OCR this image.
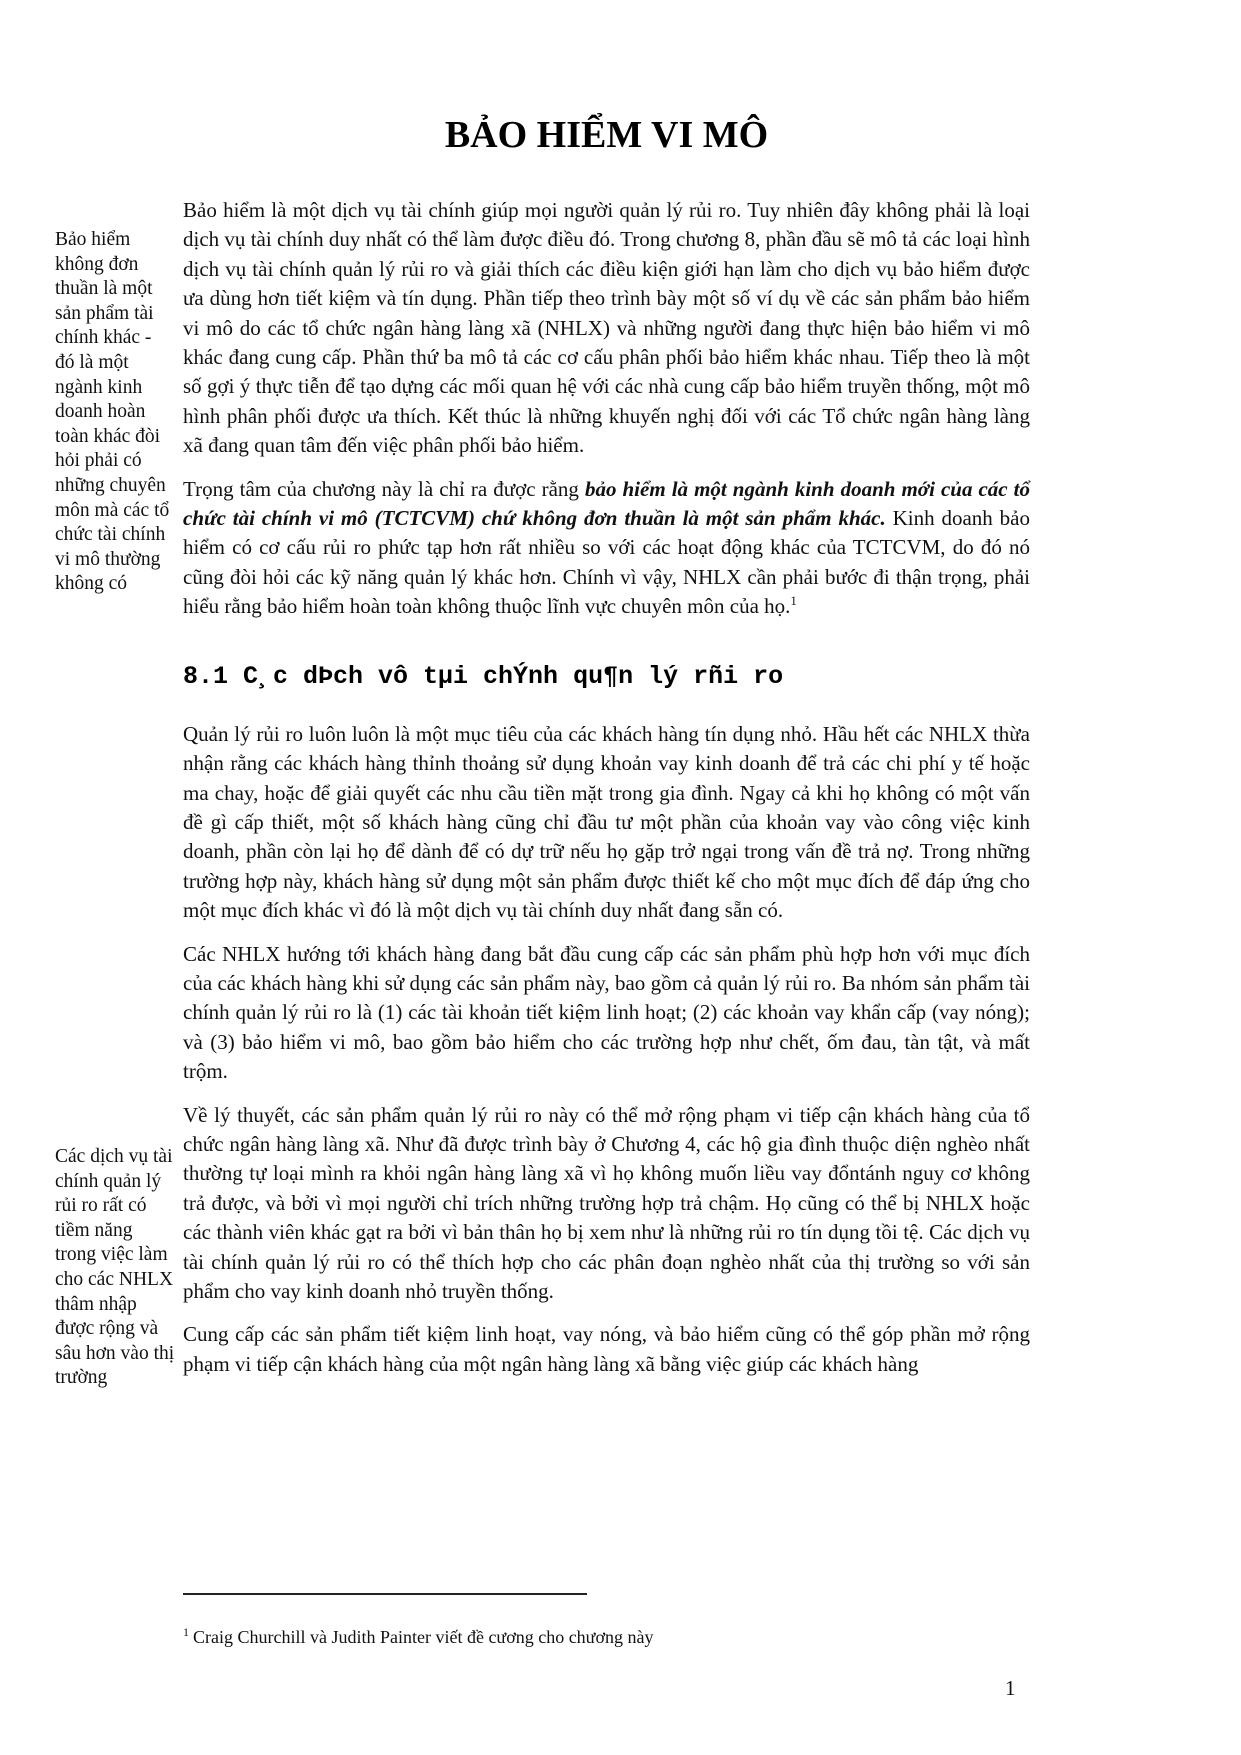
BẢO HIỂM VI MÔ
Bảo hiểm không đơn thuần là một sản phẩm tài chính khác - đó là một ngành kinh doanh hoàn toàn khác đòi hỏi phải có những chuyên môn mà các tổ chức tài chính vi mô thường không có
Các dịch vụ tài chính quản lý rủi ro rất có tiềm năng trong việc làm cho các NHLX thâm nhập được rộng và sâu hơn vào thị trường

Bảo hiểm là một dịch vụ tài chính giúp mọi người quản lý rủi ro. Tuy nhiên đây không phải là loại dịch vụ tài chính duy nhất có thể làm được điều đó. Trong chương 8, phần đầu sẽ mô tả các loại hình dịch vụ tài chính quản lý rủi ro và giải thích các điều kiện giới hạn làm cho dịch vụ bảo hiểm được ưa dùng hơn tiết kiệm và tín dụng. Phần tiếp theo trình bày một số ví dụ về các sản phẩm bảo hiểm vi mô do các tổ chức ngân hàng làng xã (NHLX) và những người đang thực hiện bảo hiểm vi mô khác đang cung cấp. Phần thứ ba mô tả các cơ cấu phân phối bảo hiểm khác nhau. Tiếp theo là một số gợi ý thực tiễn để tạo dựng các mối quan hệ với các nhà cung cấp bảo hiểm truyền thống, một mô hình phân phối được ưa thích. Kết thúc là những khuyến nghị đối với các Tổ chức ngân hàng làng xã đang quan tâm đến việc phân phối bảo hiểm.

Trọng tâm của chương này là chỉ ra được rằng bảo hiểm là một ngành kinh doanh mới của các tổ chức tài chính vi mô (TCTCVM) chứ không đơn thuần là một sản phẩm khác. Kinh doanh bảo hiểm có cơ cấu rủi ro phức tạp hơn rất nhiều so với các hoạt động khác của TCTCVM, do đó nó cũng đòi hỏi các kỹ năng quản lý khác hơn. Chính vì vậy, NHLX cần phải bước đi thận trọng, phải hiểu rằng bảo hiểm hoàn toàn không thuộc lĩnh vực chuyên môn của họ.$^1$

8.1 C¸c dÞch vô tµi chÝnh qu¶n lý rñi ro

Quản lý rủi ro luôn luôn là một mục tiêu của các khách hàng tín dụng nhỏ. Hầu hết các NHLX thừa nhận rằng các khách hàng thỉnh thoảng sử dụng khoản vay kinh doanh để trả các chi phí y tế hoặc ma chay, hoặc để giải quyết các nhu cầu tiền mặt trong gia đình. Ngay cả khi họ không có một vấn đề gì cấp thiết, một số khách hàng cũng chỉ đầu tư một phần của khoản vay vào công việc kinh doanh, phần còn lại họ để dành để có dự trữ nếu họ gặp trở ngại trong vấn đề trả nợ. Trong những trường hợp này, khách hàng sử dụng một sản phẩm được thiết kế cho một mục đích để đáp ứng cho một mục đích khác vì đó là một dịch vụ tài chính duy nhất đang sẵn có.

Các NHLX hướng tới khách hàng đang bắt đầu cung cấp các sản phẩm phù hợp hơn với mục đích của các khách hàng khi sử dụng các sản phẩm này, bao gồm cả quản lý rủi ro. Ba nhóm sản phẩm tài chính quản lý rủi ro là (1) các tài khoản tiết kiệm linh hoạt; (2) các khoản vay khẩn cấp (vay nóng); và (3) bảo hiểm vi mô, bao gồm bảo hiểm cho các trường hợp như chết, ốm đau, tàn tật, và mất trộm.

Về lý thuyết, các sản phẩm quản lý rủi ro này có thể mở rộng phạm vi tiếp cận khách hàng của tổ chức ngân hàng làng xã. Như đã được trình bày ở Chương 4, các hộ gia đình thuộc diện nghèo nhất thường tự loại mình ra khỏi ngân hàng làng xã vì họ không muốn liều vay đổntánh nguy cơ không trả được, và bởi vì mọi người chỉ trích những trường hợp trả chậm. Họ cũng có thể bị NHLX hoặc các thành viên khác gạt ra bởi vì bản thân họ bị xem như là những rủi ro tín dụng tồi tệ. Các dịch vụ tài chính quản lý rủi ro có thể thích hợp cho các phân đoạn nghèo nhất của thị trường so với sản phẩm cho vay kinh doanh nhỏ truyền thống.

Cung cấp các sản phẩm tiết kiệm linh hoạt, vay nóng, và bảo hiểm cũng có thể góp phần mở rộng phạm vi tiếp cận khách hàng của một ngân hàng làng xã bằng việc giúp các khách hàng

$^1$ Craig Churchill và Judith Painter viết đề cương cho chương này
1
